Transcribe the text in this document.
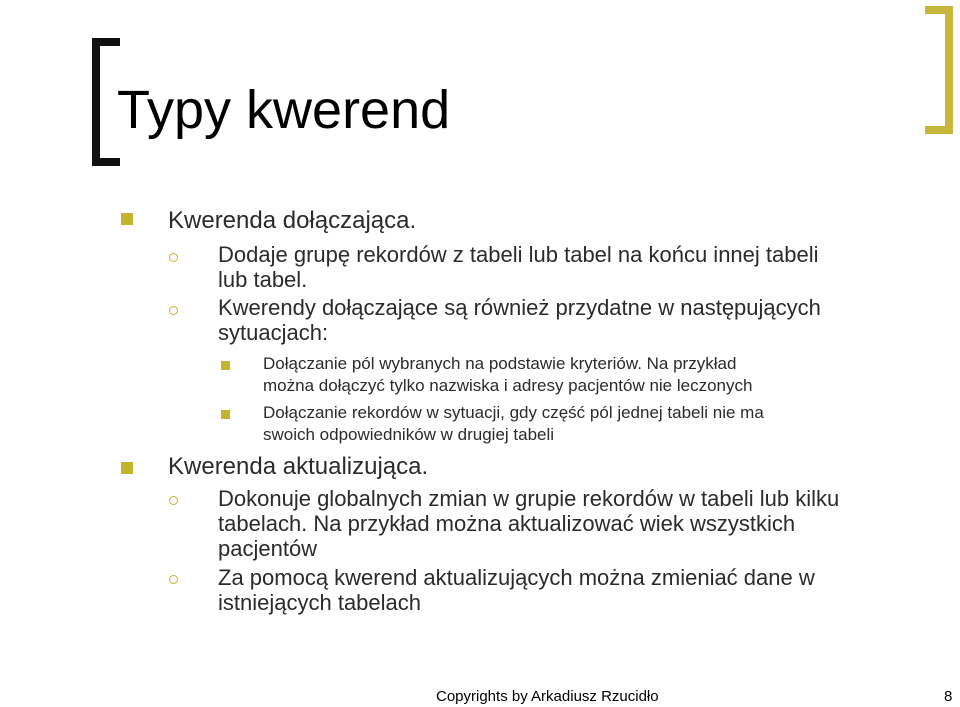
Typy kwerend
Kwerenda dołączająca.
Dodaje grupę rekordów z tabeli lub tabel na końcu innej tabeli
lub tabel.
Kwerendy dołączające są również przydatne w następujących
sytuacjach:
Dołączanie pól wybranych na podstawie kryteriów. Na przykład
można dołączyć tylko nazwiska i adresy pacjentów nie leczonych
Dołączanie rekordów w sytuacji, gdy część pól jednej tabeli nie ma
swoich odpowiedników w drugiej tabeli
Kwerenda aktualizująca.
Dokonuje globalnych zmian w grupie rekordów w tabeli lub kilku
tabelach. Na przykład można aktualizować wiek wszystkich
pacjentów
Za pomocą kwerend aktualizujących można zmieniać dane w
istniejących tabelach
Copyrights by Arkadiusz Rzucidło	8
